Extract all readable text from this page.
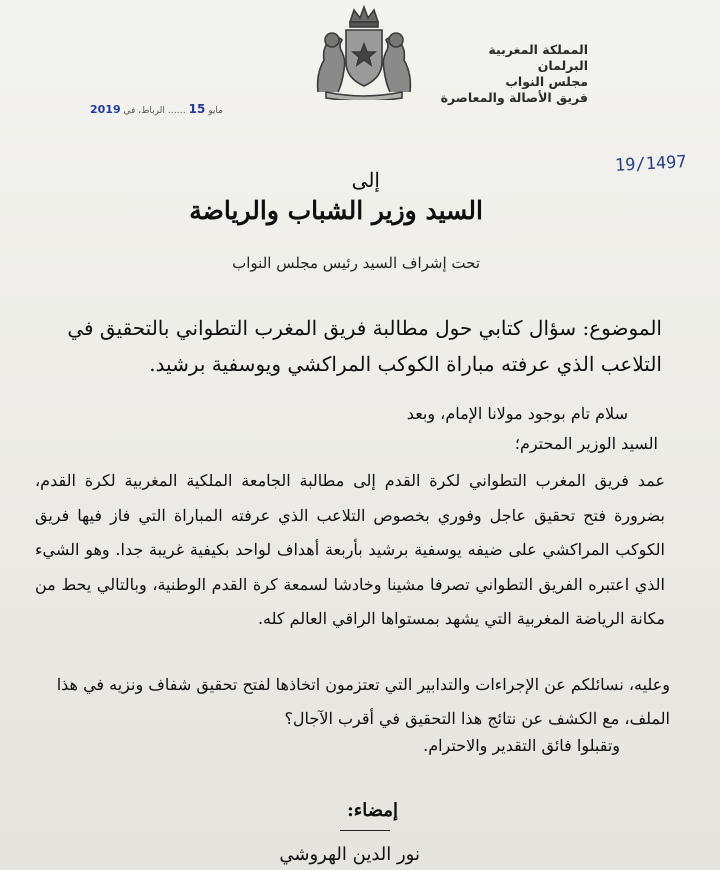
المملكة المغربية
البرلمان
مجلس النواب
فريق الأصالة والمعاصرة
2019	مايو 15 …… الرباط، في
19/1497
إلى
السيد وزير الشباب والرياضة
تحت إشراف السيد رئيس مجلس النواب
الموضوع: سؤال كتابي حول مطالبة فريق المغرب التطواني بالتحقيق في التلاعب الذي عرفته مباراة الكوكب المراكشي ويوسفية برشيد.
سلام تام بوجود مولانا الإمام، وبعد
السيد الوزير المحترم؛
عمد فريق المغرب التطواني لكرة القدم إلى مطالبة الجامعة الملكية المغربية لكرة القدم، بضرورة فتح تحقيق عاجل وفوري بخصوص التلاعب الذي عرفته المباراة التي فاز فيها فريق الكوكب المراكشي على ضيفه يوسفية برشيد بأربعة أهداف لواحد بكيفية غريبة جدا. وهو الشيء الذي اعتبره الفريق التطواني تصرفا مشينا وخادشا لسمعة كرة القدم الوطنية، وبالتالي يحط من مكانة الرياضة المغربية التي يشهد بمستواها الراقي العالم كله.
وعليه، نسائلكم عن الإجراءات والتدابير التي تعتزمون اتخاذها لفتح تحقيق شفاف ونزيه في هذا الملف، مع الكشف عن نتائج هذا التحقيق في أقرب الآجال؟
وتقبلوا فائق التقدير والاحترام.
إمضاء:
نور الدين الهروشي
